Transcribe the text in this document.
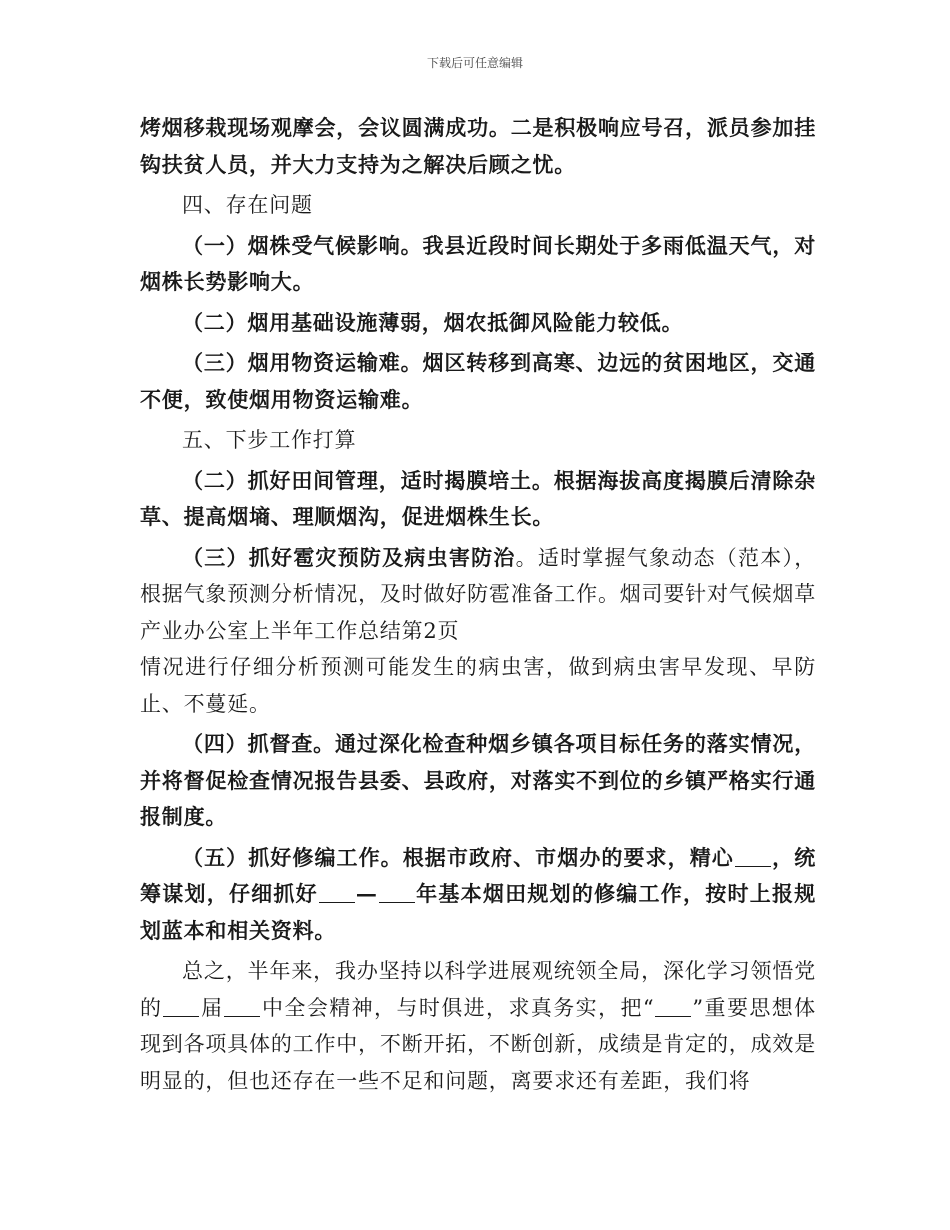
下载后可任意编辑

烤烟移栽现场观摩会，会议圆满成功。二是积极响应号召，派员参加挂钩扶贫人员，并大力支持为之解决后顾之忧。

四、存在问题

（一）烟株受气候影响。我县近段时间长期处于多雨低温天气，对烟株长势影响大。

（二）烟用基础设施薄弱，烟农抵御风险能力较低。

（三）烟用物资运输难。烟区转移到高寒、边远的贫困地区，交通不便，致使烟用物资运输难。

五、下步工作打算

（二）抓好田间管理，适时揭膜培土。根据海拔高度揭膜后清除杂草、提高烟墒、理顺烟沟，促进烟株生长。

（三）抓好雹灾预防及病虫害防治。适时掌握气象动态（范本），根据气象预测分析情况，及时做好防雹准备工作。烟司要针对气候烟草产业办公室上半年工作总结第2页

情况进行仔细分析预测可能发生的病虫害，做到病虫害早发现、早防止、不蔓延。

（四）抓督查。通过深化检查种烟乡镇各项目标任务的落实情况，并将督促检查情况报告县委、县政府，对落实不到位的乡镇严格实行通报制度。

（五）抓好修编工作。根据市政府、市烟办的要求，精心 ，统筹谋划，仔细抓好 — 年基本烟田规划的修编工作，按时上报规划蓝本和相关资料。

总之，半年来，我办坚持以科学进展观统领全局，深化学习领悟党的 届 中全会精神，与时俱进，求真务实，把“ ”重要思想体现到各项具体的工作中，不断开拓，不断创新，成绩是肯定的，成效是明显的，但也还存在一些不足和问题，离要求还有差距，我们将
